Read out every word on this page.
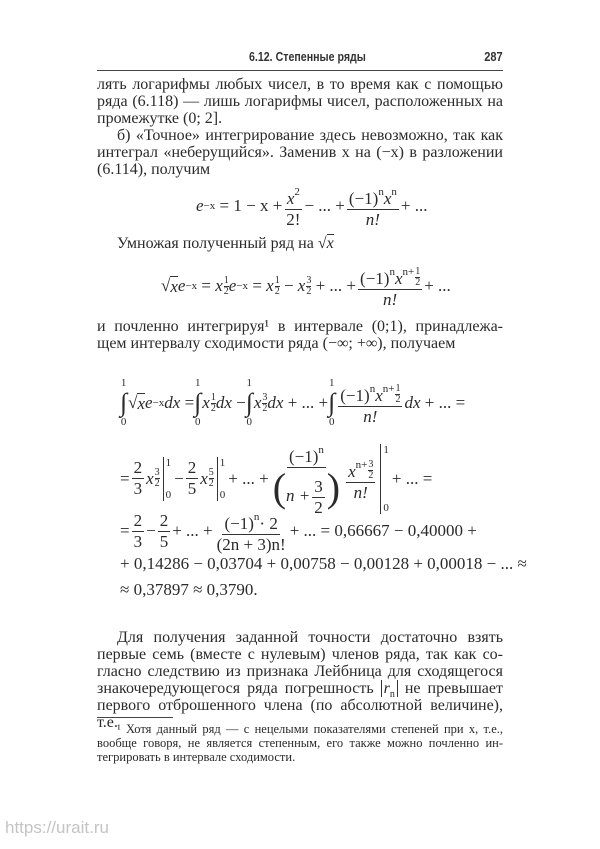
6.12. Степенные ряды	287
лять логарифмы любых чисел, в то время как с помощью
ряда (6.118) — лишь логарифмы чисел, расположенных на
промежутке (0; 2].
б) «Точное» интегрирование здесь невозможно, так как
интеграл «неберущийся». Заменив x на (−x) в разложении
(6.114), получим
e −x
= $1 - x + \frac{x^2}{2!}$ − ... + $\frac{(-1)^nx^n}{n!}$ + ...
Умножая полученный ряд на √x
√ x e −x
=
x 1
2 e −x
=
x 1
2
−
x 3
2
+ ... + $\frac{(-1)^nx^{n+} \frac{1}{2}}{n!}$ + ...
и почленно интегрируя¹ в интервале (0;1), принадлежа-
щем интервалу сходимости ряда (−∞; +∞), получаем
1
∫
0
√ x e −x dx
=
1
∫
0
x 1
2 dx
−
1
∫
0
x 3
2 dx
+ ... +
1
∫
$0 \frac{(-1)^nx^{n+} \frac{1}{2}}{n!}$ dx
+ ... =
= $\frac{2}{3}$ x 3
2
1
0
− $\frac{2}{5}$ x 5
2
1
0
+ ... + $\frac{(-1)^n}{(n + \frac{3}{2} )} \frac{x^{n+} \frac{3}{2}}{n!}$
1
0
+ ... =
= $\frac{2}{3} - \frac{2}{5}$ + ... + $\frac{(-1)^n\cdot 2}{(2n + 3)n!}$ + ... = 0,66667 − 0,40000 +
+ 0,14286 − 0,03704 + 0,00758 − 0,00128 + 0,00018 − ... ≈
≈ 0,37897 ≈ 0,3790.
Для получения заданной точности достаточно взять
первые семь (вместе с нулевым) членов ряда, так как со-
гласно следствию из признака Лейбница для сходящегося
знакочередующегося ряда погрешность $r_n$ не превышает
первого отброшенного члена (по абсолютной величине), т.е. ¹ Хотя данный ряд — с нецелыми показателями степеней при x, т.е.,
вообще говоря, не является степенным, его также можно почленно ин-
тегрировать в интервале сходимости.
https://urait.ru
